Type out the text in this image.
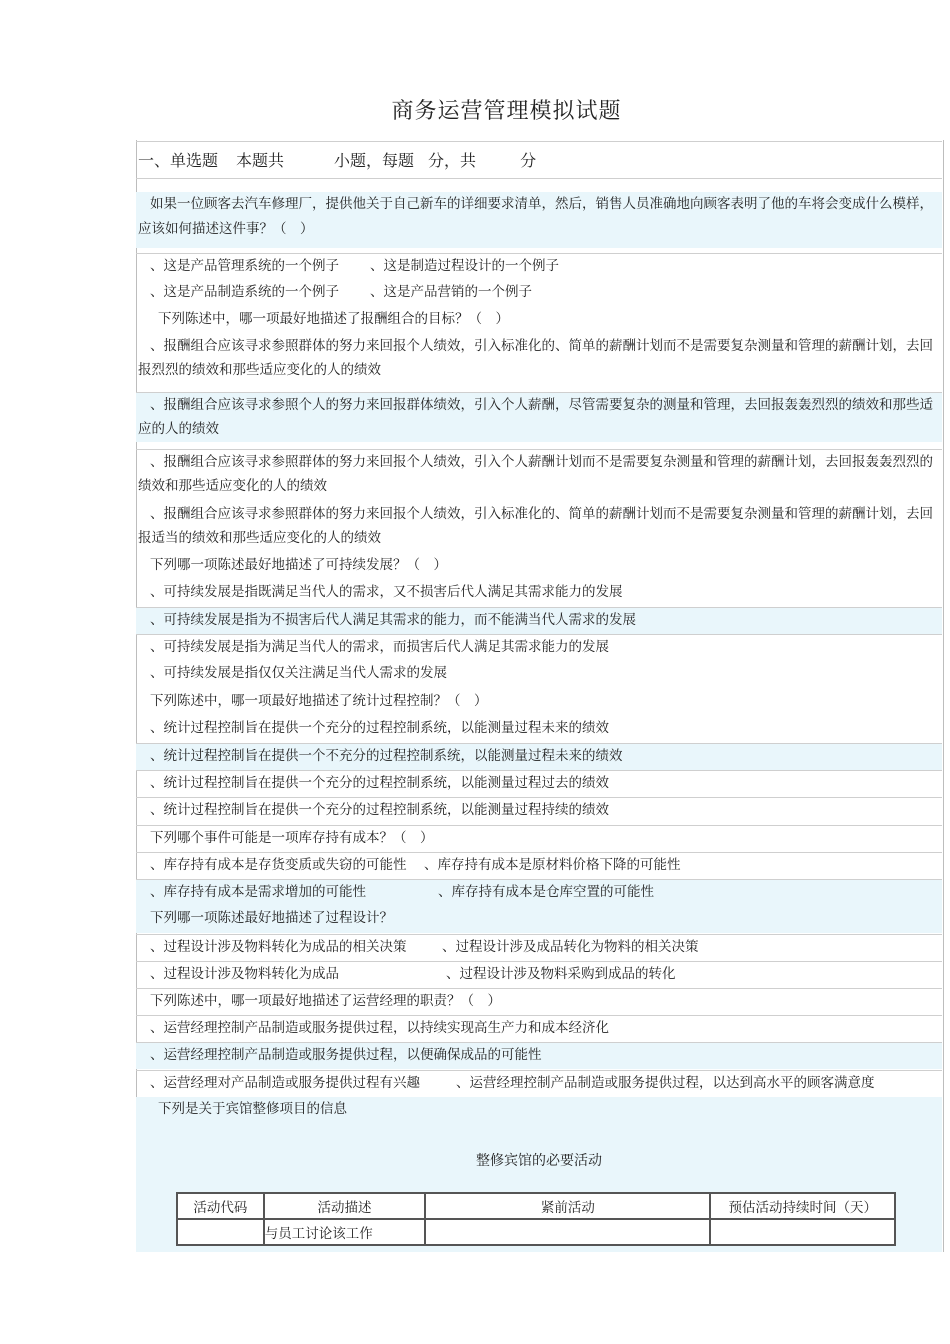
商务运营管理模拟试题
一、单选题 本题共	小题，每题 分，共	分
如果一位顾客去汽车修理厂，提供他关于自己新车的详细要求清单，然后，销售人员准确地向顾客表明了他的车将会变成什么模样，应该如何描述这件事？（　）
、这是产品管理系统的一个例子 、这是制造过程设计的一个例子
、这是产品制造系统的一个例子 、这是产品营销的一个例子
下列陈述中，哪一项最好地描述了报酬组合的目标？（　）
、报酬组合应该寻求参照群体的努力来回报个人绩效，引入标准化的、简单的薪酬计划而不是需要复杂测量和管理的薪酬计划，去回报烈烈的绩效和那些适应变化的人的绩效
、报酬组合应该寻求参照个人的努力来回报群体绩效，引入个人薪酬，尽管需要复杂的测量和管理，去回报轰轰烈烈的绩效和那些适应的人的绩效
、报酬组合应该寻求参照群体的努力来回报个人绩效，引入个人薪酬计划而不是需要复杂测量和管理的薪酬计划，去回报轰轰烈烈的绩效和那些适应变化的人的绩效
、报酬组合应该寻求参照群体的努力来回报个人绩效，引入标准化的、简单的薪酬计划而不是需要复杂测量和管理的薪酬计划，去回报适当的绩效和那些适应变化的人的绩效
下列哪一项陈述最好地描述了可持续发展？（　）
、可持续发展是指既满足当代人的需求，又不损害后代人满足其需求能力的发展
、可持续发展是指为不损害后代人满足其需求的能力，而不能满当代人需求的发展
、可持续发展是指为满足当代人的需求，而损害后代人满足其需求能力的发展
、可持续发展是指仅仅关注满足当代人需求的发展
下列陈述中，哪一项最好地描述了统计过程控制？（　）
、统计过程控制旨在提供一个充分的过程控制系统，以能测量过程未来的绩效
、统计过程控制旨在提供一个不充分的过程控制系统，以能测量过程未来的绩效
、统计过程控制旨在提供一个充分的过程控制系统，以能测量过程过去的绩效
、统计过程控制旨在提供一个充分的过程控制系统，以能测量过程持续的绩效
下列哪个事件可能是一项库存持有成本？（　）
、库存持有成本是存货变质或失窃的可能性 、库存持有成本是原材料价格下降的可能性
、库存持有成本是需求增加的可能性	、库存持有成本是仓库空置的可能性
下列哪一项陈述最好地描述了过程设计？
、过程设计涉及物料转化为成品的相关决策	、过程设计涉及成品转化为物料的相关决策
、过程设计涉及物料转化为成品	、过程设计涉及物料采购到成品的转化
下列陈述中，哪一项最好地描述了运营经理的职责？（　）
、运营经理控制产品制造或服务提供过程，以持续实现高生产力和成本经济化
、运营经理控制产品制造或服务提供过程，以便确保成品的可能性
、运营经理对产品制造或服务提供过程有兴趣	、运营经理控制产品制造或服务提供过程，以达到高水平的顾客满意度
下列是关于宾馆整修项目的信息
整修宾馆的必要活动
活动代码	活动描述	紧前活动	预估活动持续时间（天）
	与员工讨论该工作		
